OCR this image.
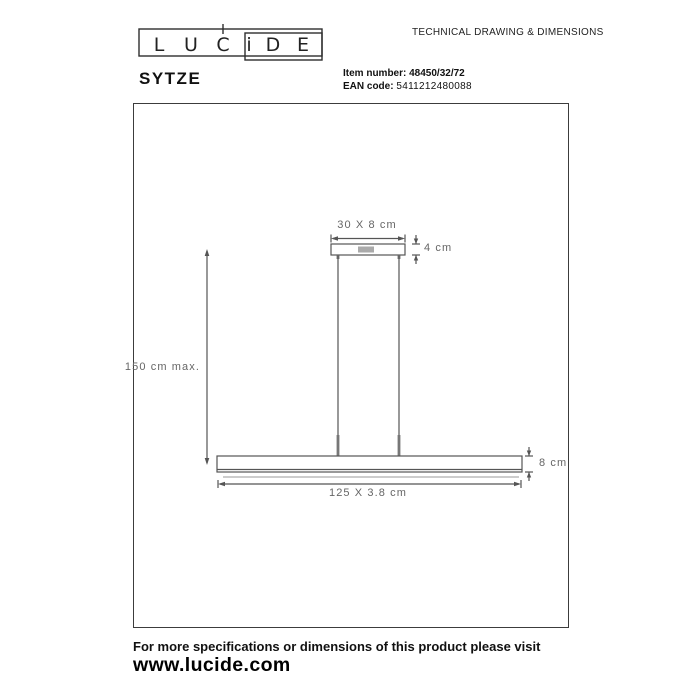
L U C i D E
TECHNICAL DRAWING & DIMENSIONS
SYTZE	Item number: 48450/32/72
EAN code: 5411212480088
30 X 8 cm
4 cm
150 cm max.
8 cm
125 X 3.8 cm
For more specifications or dimensions of this product please visit
www.lucide.com
